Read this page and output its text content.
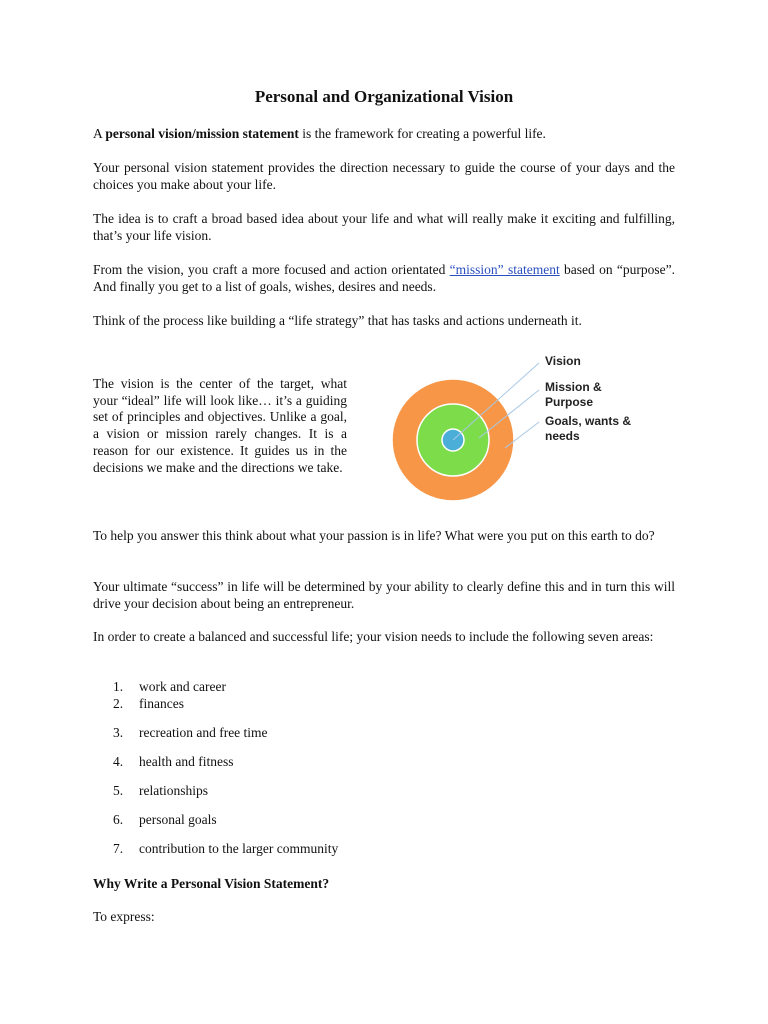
Personal and Organizational Vision

A personal vision/mission statement is the framework for creating a powerful life.

Your personal vision statement provides the direction necessary to guide the course of your days and the choices you make about your life.

The idea is to craft a broad based idea about your life and what will really make it exciting and fulfilling, that’s your life vision.

From the vision, you craft a more focused and action orientated “mission” statement based on “purpose”. And finally you get to a list of goals, wishes, desires and needs.

Think of the process like building a “life strategy” that has tasks and actions underneath it.

The vision is the center of the target, what your “ideal” life will look like… it’s a guiding set of principles and objectives. Unlike a goal, a vision or mission rarely changes. It is a reason for our existence. It guides us in the decisions we make and the directions we take.

Vision
Mission &
Purpose
Goals, wants &
needs

To help you answer this think about what your passion is in life? What were you put on this earth to do?

Your ultimate “success” in life will be determined by your ability to clearly define this and in turn this will drive your decision about being an entrepreneur.

In order to create a balanced and successful life; your vision needs to include the following seven areas:

1.	work and career
2.	finances
3.	recreation and free time
4.	health and fitness
5.	relationships
6.	personal goals
7.	contribution to the larger community

Why Write a Personal Vision Statement?

To express:
